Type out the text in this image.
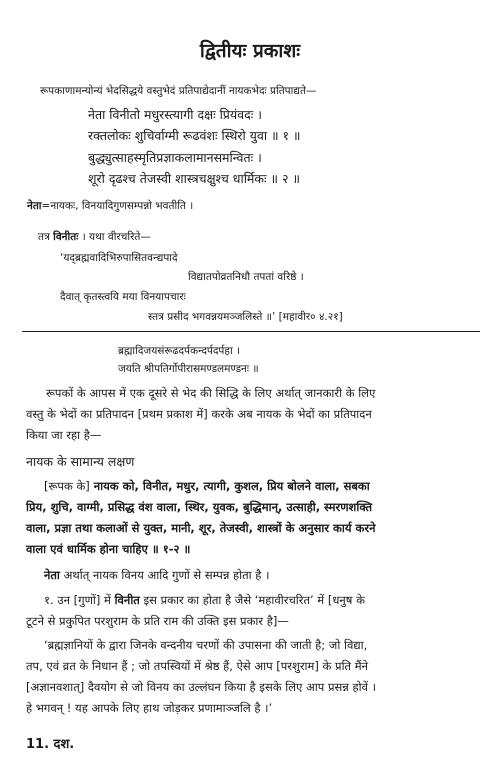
द्वितीयः प्रकाशः
रूपकाणामन्योन्यं भेदसिद्धये वस्तुभेदं प्रतिपाद्येदानीं नायकभेदः प्रतिपाद्यते—
नेता विनीतो मधुरस्त्यागी दक्षः प्रियंवदः ।
रक्तलोकः शुचिर्वाग्मी रूढवंशः स्थिरो युवा ॥ १ ॥
बुद्ध्युत्साहस्मृतिप्रज्ञाकलामानसमन्वितः ।
शूरो दृढश्च तेजस्वी शास्त्रचक्षुश्च धार्मिकः ॥ २ ॥
नेता=नायकः, विनयादिगुणसम्पन्नो भवतीति ।
तत्र विनीतः । यथा वीरचरिते—
‘यद्ब्रह्मवादिभिरुपासितवन्द्यपादे
विद्यातपोव्रतनिधौ तपतां वरिष्ठे ।
दैवात् कृतस्त्वयि मया विनयापचारः
स्तत्र प्रसीद भगवन्नयमञ्जलिस्ते ॥’ [महावीर० ४.२१]
ब्रह्मादिजयसंरूढदर्पकन्दर्पदर्पहा ।
जयति श्रीपतिर्गोपीरासमण्डलमण्डनः ॥
रूपकों के आपस में एक दूसरे से भेद की सिद्धि के लिए अर्थात् जानकारी के लिए
वस्तु के भेदों का प्रतिपादन [प्रथम प्रकाश में] करके अब नायक के भेदों का प्रतिपादन
किया जा रहा है—
नायक के सामान्य लक्षण
[रूपक के] नायक को, विनीत, मधुर, त्यागी, कुशल, प्रिय बोलने वाला, सबका
प्रिय, शुचि, वाग्मी, प्रसिद्ध वंश वाला, स्थिर, युवक, बुद्धिमान्, उत्साही, स्मरणशक्ति
वाला, प्रज्ञा तथा कलाओं से युक्त, मानी, शूर, तेजस्वी, शास्त्रों के अनुसार कार्य करने
वाला एवं धार्मिक होना चाहिए ॥ १-२ ॥
नेता अर्थात् नायक विनय आदि गुणों से सम्पन्न होता है ।
१. उन [गुणों] में विनीत इस प्रकार का होता है जैसे ‘महावीरचरित’ में [धनुष के
टूटने से प्रकुपित परशुराम के प्रति राम की उक्ति इस प्रकार है]—
‘ब्रह्मज्ञानियों के द्वारा जिनके वन्दनीय चरणों की उपासना की जाती है; जो विद्या,
तप, एवं व्रत के निधान हैं ; जो तपस्वियों में श्रेष्ठ हैं, ऐसे आप [परशुराम] के प्रति मैंने
[अज्ञानवशात्] दैवयोग से जो विनय का उल्लंघन किया है इसके लिए आप प्रसन्न होवें ।
हे भगवन् ! यह आपके लिए हाथ जोड़कर प्रणामाञ्जलि है ।’
11. दश.
